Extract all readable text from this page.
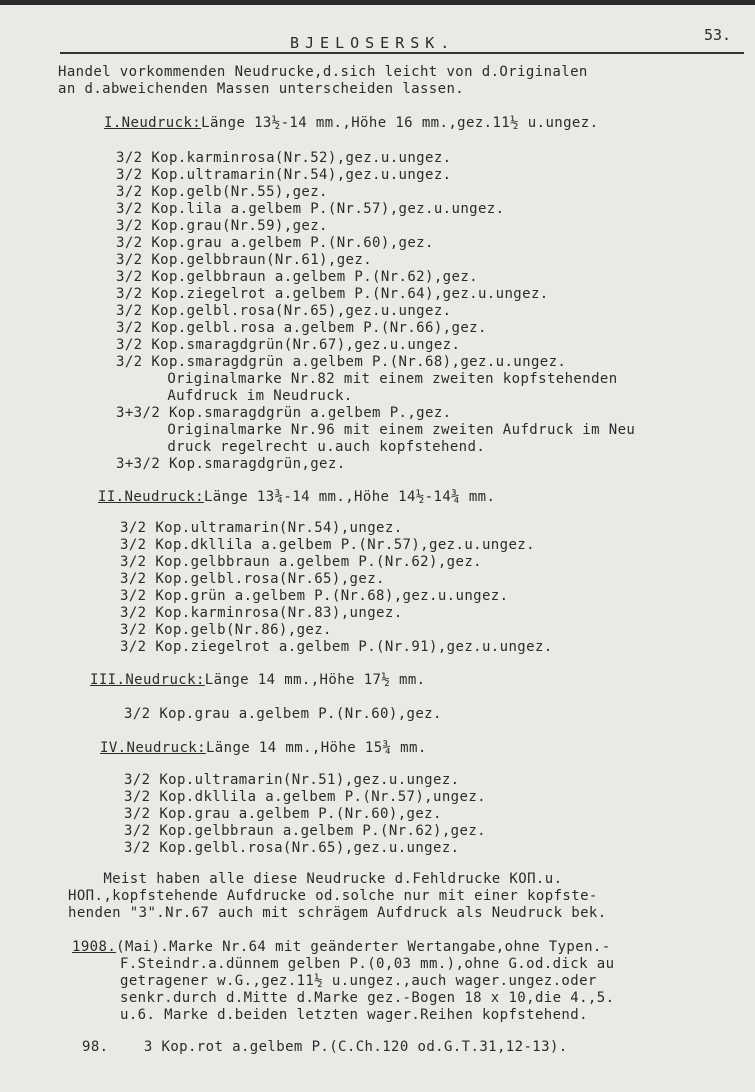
BJELOSERSK.	53.
Handel vorkommenden Neudrucke,d.sich leicht von d.Originalen
an d.abweichenden Massen unterscheiden lassen.
I.Neudruck:Länge 13½-14 mm.,Höhe 16 mm.,gez.11½ u.ungez.
3/2 Kop.karminrosa(Nr.52),gez.u.ungez.
3/2 Kop.ultramarin(Nr.54),gez.u.ungez.
3/2 Kop.gelb(Nr.55),gez.
3/2 Kop.lila a.gelbem P.(Nr.57),gez.u.ungez.
3/2 Kop.grau(Nr.59),gez.
3/2 Kop.grau a.gelbem P.(Nr.60),gez.
3/2 Kop.gelbbraun(Nr.61),gez.
3/2 Kop.gelbbraun a.gelbem P.(Nr.62),gez.
3/2 Kop.ziegelrot a.gelbem P.(Nr.64),gez.u.ungez.
3/2 Kop.gelbl.rosa(Nr.65),gez.u.ungez.
3/2 Kop.gelbl.rosa a.gelbem P.(Nr.66),gez.
3/2 Kop.smaragdgrün(Nr.67),gez.u.ungez.
3/2 Kop.smaragdgrün a.gelbem P.(Nr.68),gez.u.ungez.
Originalmarke Nr.82 mit einem zweiten kopfstehenden
Aufdruck im Neudruck.
3+3/2 Kop.smaragdgrün a.gelbem P.,gez.
Originalmarke Nr.96 mit einem zweiten Aufdruck im Neu
druck regelrecht u.auch kopfstehend.
3+3/2 Kop.smaragdgrün,gez.
II.Neudruck:Länge 13¾-14 mm.,Höhe 14½-14¾ mm.
3/2 Kop.ultramarin(Nr.54),ungez.
3/2 Kop.dkllila a.gelbem P.(Nr.57),gez.u.ungez.
3/2 Kop.gelbbraun a.gelbem P.(Nr.62),gez.
3/2 Kop.gelbl.rosa(Nr.65),gez.
3/2 Kop.grün a.gelbem P.(Nr.68),gez.u.ungez.
3/2 Kop.karminrosa(Nr.83),ungez.
3/2 Kop.gelb(Nr.86),gez.
3/2 Kop.ziegelrot a.gelbem P.(Nr.91),gez.u.ungez.
III.Neudruck:Länge 14 mm.,Höhe 17½ mm.
3/2 Kop.grau a.gelbem P.(Nr.60),gez.
IV.Neudruck:Länge 14 mm.,Höhe 15¾ mm.
3/2 Kop.ultramarin(Nr.51),gez.u.ungez.
3/2 Kop.dkllila a.gelbem P.(Nr.57),ungez.
3/2 Kop.grau a.gelbem P.(Nr.60),gez.
3/2 Kop.gelbbraun a.gelbem P.(Nr.62),gez.
3/2 Kop.gelbl.rosa(Nr.65),gez.u.ungez.
Meist haben alle diese Neudrucke d.Fehldrucke КОП.u.
НОП.,kopfstehende Aufdrucke od.solche nur mit einer kopfste-
henden "3".Nr.67 auch mit schrägem Aufdruck als Neudruck bek.
1908.(Mai).Marke Nr.64 mit geänderter Wertangabe,ohne Typen.-
F.Steindr.a.dünnem gelben P.(0,03 mm.),ohne G.od.dick au
getragener w.G.,gez.11½ u.ungez.,auch wager.ungez.oder
senkr.durch d.Mitte d.Marke gez.-Bogen 18 x 10,die 4.,5.
u.6. Marke d.beiden letzten wager.Reihen kopfstehend.
98.	3 Kop.rot a.gelbem P.(C.Ch.120 od.G.T.31,12-13).
